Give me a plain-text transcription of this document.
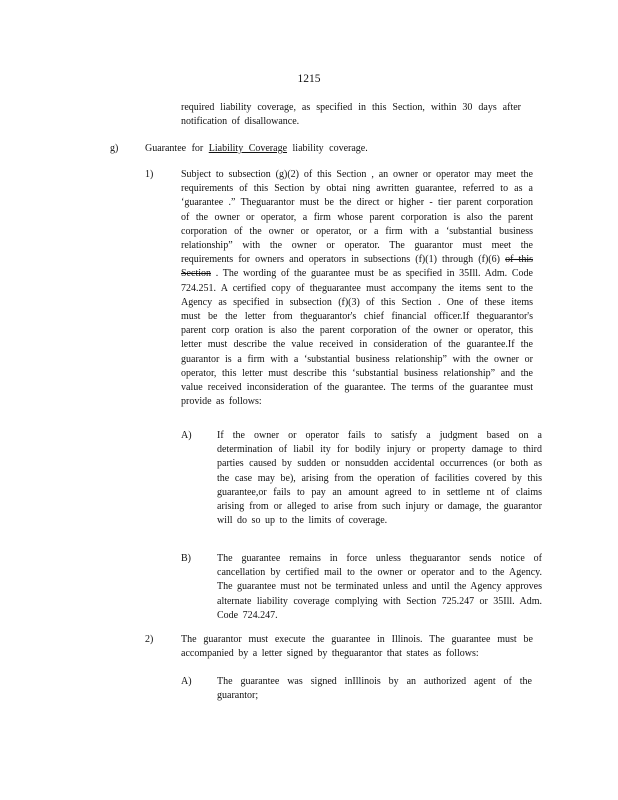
1215
required liability coverage, as specified in this Section, within 30 days after notification of disallowance.
g)	Guarantee for Liability Coverage liability coverage.
1)	Subject to subsection (g)(2) of this Section , an owner or operator may meet the requirements of this Section by obtai ning awritten guarantee, referred to as a ‘guarantee .” Theguarantor must be the direct or higher - tier parent corporation of the owner or operator, a firm whose parent corporation is also the parent corporation of the owner or operator, or a firm with a ‘substantial business relationship” with the owner or operator. The guarantor must meet the requirements for owners and operators in subsections (f)(1) through (f)(6) of this Section . The wording of the guarantee must be as specified in 35Ill. Adm. Code 724.251. A certified copy of theguarantee must accompany the items sent to the Agency as specified in subsection (f)(3) of this Section . One of these items must be the letter from theguarantor's chief financial officer.If theguarantor's parent corp oration is also the parent corporation of the owner or operator, this letter must describe the value received in consideration of the guarantee.If the guarantor is a firm with a ‘substantial business relationship” with the owner or operator, this letter must describe this ‘substantial business relationship” and the value received inconsideration of the guarantee. The terms of the guarantee must provide as follows:
A)	If the owner or operator fails to satisfy a judgment based on a determination of liabil ity for bodily injury or property damage to third parties caused by sudden or nonsudden accidental occurrences (or both as the case may be), arising from the operation of facilities covered by this guarantee,or fails to pay an amount agreed to in settleme nt of claims arising from or alleged to arise from such injury or damage, the guarantor will do so up to the limits of coverage.
B)	The guarantee remains in force unless theguarantor sends notice of cancellation by certified mail to the owner or operator and to the Agency. The guarantee must not be terminated unless and until the Agency approves alternate liability coverage complying with Section 725.247 or 35Ill. Adm. Code 724.247.
2)	The guarantor must execute the guarantee in Illinois. The guarantee must be accompanied by a letter signed by theguarantor that states as follows:
A)	The guarantee was signed inIllinois by an authorized agent of the guarantor;
